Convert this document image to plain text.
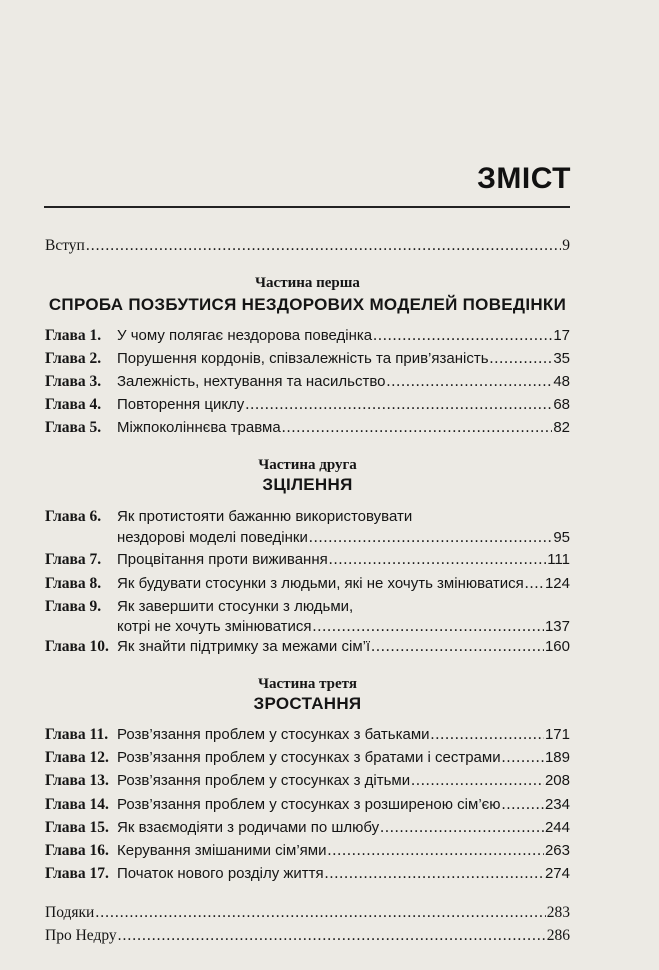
ЗМІСТ
Вступ .....	9
Частина перша
СПРОБА ПОЗБУТИСЯ НЕЗДОРОВИХ МОДЕЛЕЙ ПОВЕДІНКИ
Глава 1.	У чому полягає нездорова поведінка .....	17
Глава 2.	Порушення кордонів, співзалежність та прив’язаність .....	35
Глава 3.	Залежність, нехтування та насильство .....	48
Глава 4.	Повторення циклу .....	68
Глава 5.	Міжпоколіннєва травма .....	82
Частина друга
ЗЦІЛЕННЯ
Глава 6.	Як протистояти бажанню використовувати
нездорові моделі поведінки .....	95
Глава 7.	Процвітання проти виживання .....	111
Глава 8.	Як будувати стосунки з людьми, які не хочуть змінюватися ..... 124
Глава 9.	Як завершити стосунки з людьми,
котрі не хочуть змінюватися .....	137
Глава 10. Як знайти підтримку за межами сім’ї .....	160
Частина третя
ЗРОСТАННЯ
Глава 11. Розв’язання проблем у стосунках з батьками .....	171
Глава 12. Розв’язання проблем у стосунках з братами і сестрами .....	189
Глава 13. Розв’язання проблем у стосунках з дітьми .....	208
Глава 14. Розв’язання проблем у стосунках з розширеною сім’єю .....	234
Глава 15. Як взаємодіяти з родичами по шлюбу .....	244
Глава 16. Керування змішаними сім’ями .....	263
Глава 17. Початок нового розділу життя .....	274
Подяки .....	283
Про Недру .....	286
